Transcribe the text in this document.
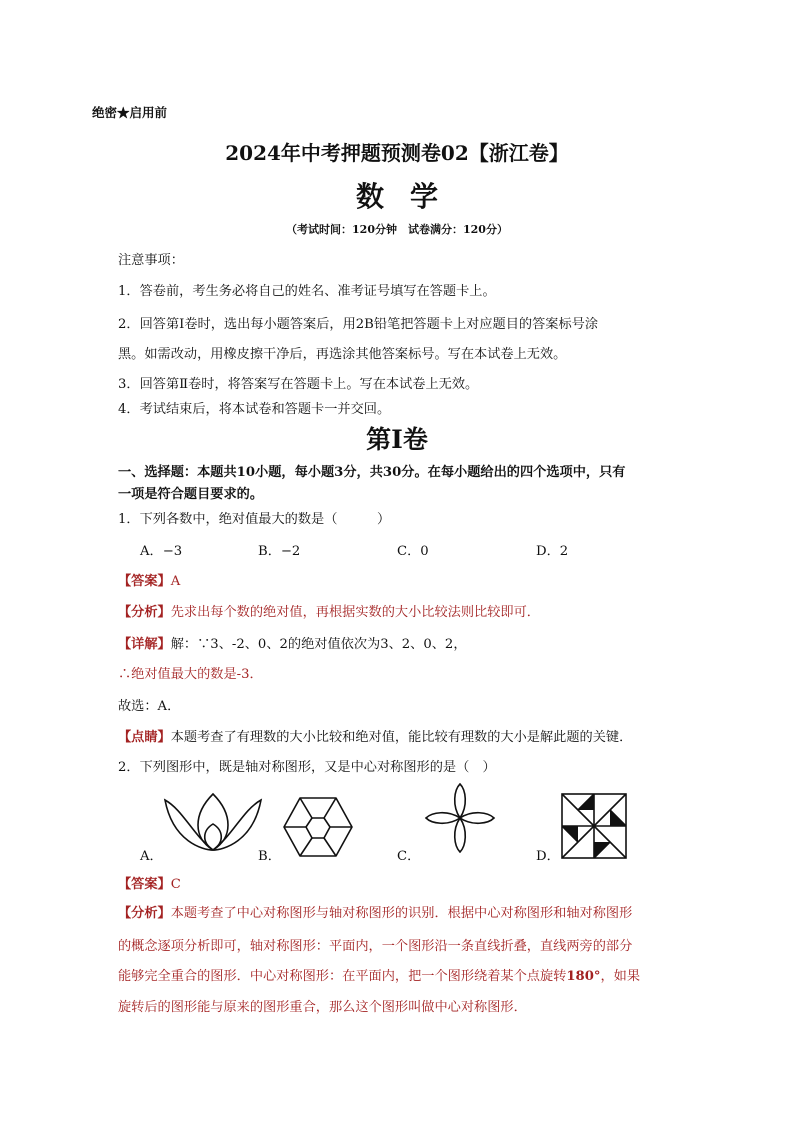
绝密★启用前
2024年中考押题预测卷02【浙江卷】
数学
（考试时间：120分钟　试卷满分：120分）
注意事项：
1．答卷前，考生务必将自己的姓名、准考证号填写在答题卡上。
2．回答第Ⅰ卷时，选出每小题答案后，用2B铅笔把答题卡上对应题目的答案标号涂
黑。如需改动，用橡皮擦干净后，再选涂其他答案标号。写在本试卷上无效。
3．回答第Ⅱ卷时，将答案写在答题卡上。写在本试卷上无效。
4．考试结束后，将本试卷和答题卡一并交回。
第Ⅰ卷
一、选择题：本题共10小题，每小题3分，共30分。在每小题给出的四个选项中，只有
一项是符合题目要求的。
1．下列各数中，绝对值最大的数是（　　　）
A．−3	B．−2	C．0	D．2
【答案】A
【分析】先求出每个数的绝对值，再根据实数的大小比较法则比较即可．
【详解】解：∵3、-2、0、2的绝对值依次为3、2、0、2，
∴绝对值最大的数是-3．
故选：A．
【点睛】本题考查了有理数的大小比较和绝对值，能比较有理数的大小是解此题的关键．
2．下列图形中，既是轴对称图形，又是中心对称图形的是（　）
A．	B．	C．	D．
【答案】C
【分析】本题考查了中心对称图形与轴对称图形的识别．根据中心对称图形和轴对称图形
的概念逐项分析即可，轴对称图形：平面内，一个图形沿一条直线折叠，直线两旁的部分
能够完全重合的图形．中心对称图形：在平面内，把一个图形绕着某个点旋转180°，如果
旋转后的图形能与原来的图形重合，那么这个图形叫做中心对称图形．
